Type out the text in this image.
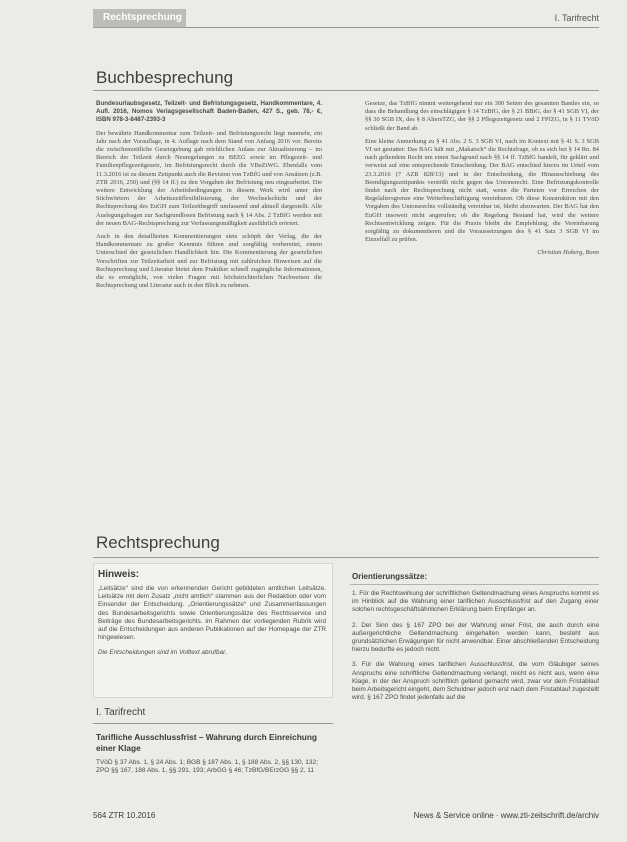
Rechtsprechung	I. Tarifrecht
Buchbesprechung

Bundesurlaubsgesetz, Teilzeit- und Befristungsgesetz, Handkommentare, 4. Aufl. 2016, Nomos Verlagsgesellschaft Baden-Baden, 427 S., geb. 78,- €, ISBN 978-3-8487-2393-3

Der bewährte Handkommentar zum Teilzeit- und Befristungsrecht liegt nunmehr, ein Jahr nach der Vorauflage, in 4. Auflage nach dem Stand von Anfang 2016 vor. Bereits die zwischenzeitliche Gesetzgebung gab reichlichen Anlass zur Aktualisierung – im Bereich der Teilzeit durch Neuregelungen zu BEEG sowie im Pflegezeit- und Familienpflegezeitgesetz, im Befristungsrecht durch die VBeZiWG. Ebenfalls vom 11.3.2016 ist zu diesem Zeitpunkt auch die Revision von TzBfG und von Ansätzen (z.B. ZTR 2016, 250) und (§§ 14 ff.) zu den Vorgaben der Befristung neu eingearbeitet. Die weitere Entwicklung der Arbeitsbedingungen in diesem Werk wird unter den Stichwörtern der Arbeitszeitflexibilisierung, der Wechselschicht und der Rechtsprechung des EuGH zum Teilzeitbegriff umfassend und aktuell dargestellt. Alle Auslegungsfragen zur Sachgrundlosen Befristung nach § 14 Abs. 2 TzBfG werden mit der neuen BAG-Rechtsprechung zur Verfassungsmäßigkeit ausführlich erörtert.

Auch in den detaillierten Kommentierungen stets schöpft der Verlag, die der Handkommentare zu großer Kenntnis führen und sorgfältig vorbereitet, einem Unterschied der gesetzlichen Handlichkeit hin. Die Kommentierung der gesetzlichen Vorschriften zur Teilzeitarbeit und zur Befristung mit zahlreichen Hinweisen auf die Rechtsprechung und Literatur bietet dem Praktiker schnell zugängliche Informationen, die es ermöglicht, von vielen Fragen mit höchstrichterlichen Nachweisen die Rechtsprechung und Literatur auch in den Blick zu nehmen.

Gesetze, das TzBfG nimmt weitergehend nur ein 300 Seiten des gesamten Bandes ein, so dass die Behandlung des einschlägigen § 14 TzBfG, der § 21 BBiG, der § 41 SGB VI, der §§ 30 SGB IX, des § 8 AltersTZG, der §§ 2 Pflegezeitgesetz und 2 FPfZG, in § 11 TVöD schließt der Band ab.

Eine kleine Anmerkung zu § 41 Abs. 2 S. 3 SGB VI, nach im Kontext mit § 41 S. 3 SGB VI sei gestattet: Das BAG hält mit „Makatsch“ die Rechtsfrage, ob es sich bei § 14 Rn. 84 nach geltendem Recht um einen Sachgrund nach §§ 14 ff. TzBfG handelt, für geklärt und verweist auf eine entsprechende Entscheidung. Der BAG entschied hierzu im Urteil vom 23.3.2016 (7 AZR 828/13) und in der Entscheidung, die Hinausschiebung des Beendigungszeitpunkts verstößt nicht gegen das Unionsrecht. Eine Befristungskontrolle findet nach der Rechtsprechung nicht statt, wenn die Parteien vor Erreichen der Regelaltersgrenze eine Weiterbeschäftigung vereinbaren. Ob diese Konstruktion mit den Vorgaben des Unionsrechts vollständig vereinbar ist, bleibt abzuwarten. Der BAG hat den EuGH insoweit nicht angerufen; ob die Regelung Bestand hat, wird die weitere Rechtsentwicklung zeigen. Für die Praxis bleibt die Empfehlung, die Vereinbarung sorgfältig zu dokumentieren und die Voraussetzungen des § 41 Satz 3 SGB VI im Einzelfall zu prüfen.

Christian Hoberg, Bonn

Rechtsprechung
Hinweis:

„Leitsätze“ sind die von erkennenden Gericht gebildeten amtlichen Leitsätze. Leitsätze mit dem Zusatz „nicht amtlich“ stammen aus der Redaktion oder vom Einsender der Entscheidung. „Orientierungssätze“ und Zusammenfassungen des Bundesarbeitsgerichts sowie Orientierungssätze des Rechtsservice und Beiträge des Bundesarbeitsgerichts. Im Rahmen der vorliegenden Rubrik wird auf die Entscheidungen aus anderen Publikationen auf der Homepage der ZTR hingewiesen.

Die Entscheidungen sind im Volltext abrufbar.

Orientierungssätze:

1. Für die Rechtswirkung der schriftlichen Geltendmachung eines Anspruchs kommt es im Hinblick auf die Wahrung einer tariflichen Ausschlussfrist auf den Zugang einer solchen rechtsgeschäftsähnlichen Erklärung beim Empfänger an.

2. Der Sinn des § 167 ZPO bei der Wahrung einer Frist, die auch durch eine außergerichtliche Geltendmachung eingehalten werden kann, besteht aus grundsätzlichen Erwägungen für nicht anwendbar. Einer abschließenden Entscheidung hierzu bedurfte es jedoch nicht.

3. Für die Wahrung eines tariflichen Ausschlussfrist, die vom Gläubiger seines Anspruchs eine schriftliche Geltendmachung verlangt, reicht es nicht aus, wenn eine Klage, in der der Anspruch schriftlich geltend gemacht wird, zwar vor dem Fristablauf beim Arbeitsgericht eingeht, dem Schuldner jedoch erst nach dem Fristablauf zugestellt wird. § 167 ZPO findet jedenfalls auf die

I. Tarifrecht
Tarifliche Ausschlussfrist – Wahrung durch Einreichung einer Klage
TVöD § 37 Abs. 1, § 24 Abs. 1; BGB § 187 Abs. 1, § 188 Abs. 2, §§ 130, 132; ZPO §§ 167, 188 Abs. 1, §§ 291, 193; ArbGG § 46; TzBfG/BErzGG §§ 2, 11
564 ZTR 10.2016	News & Service online · www.zti-zeitschrift.de/archiv
